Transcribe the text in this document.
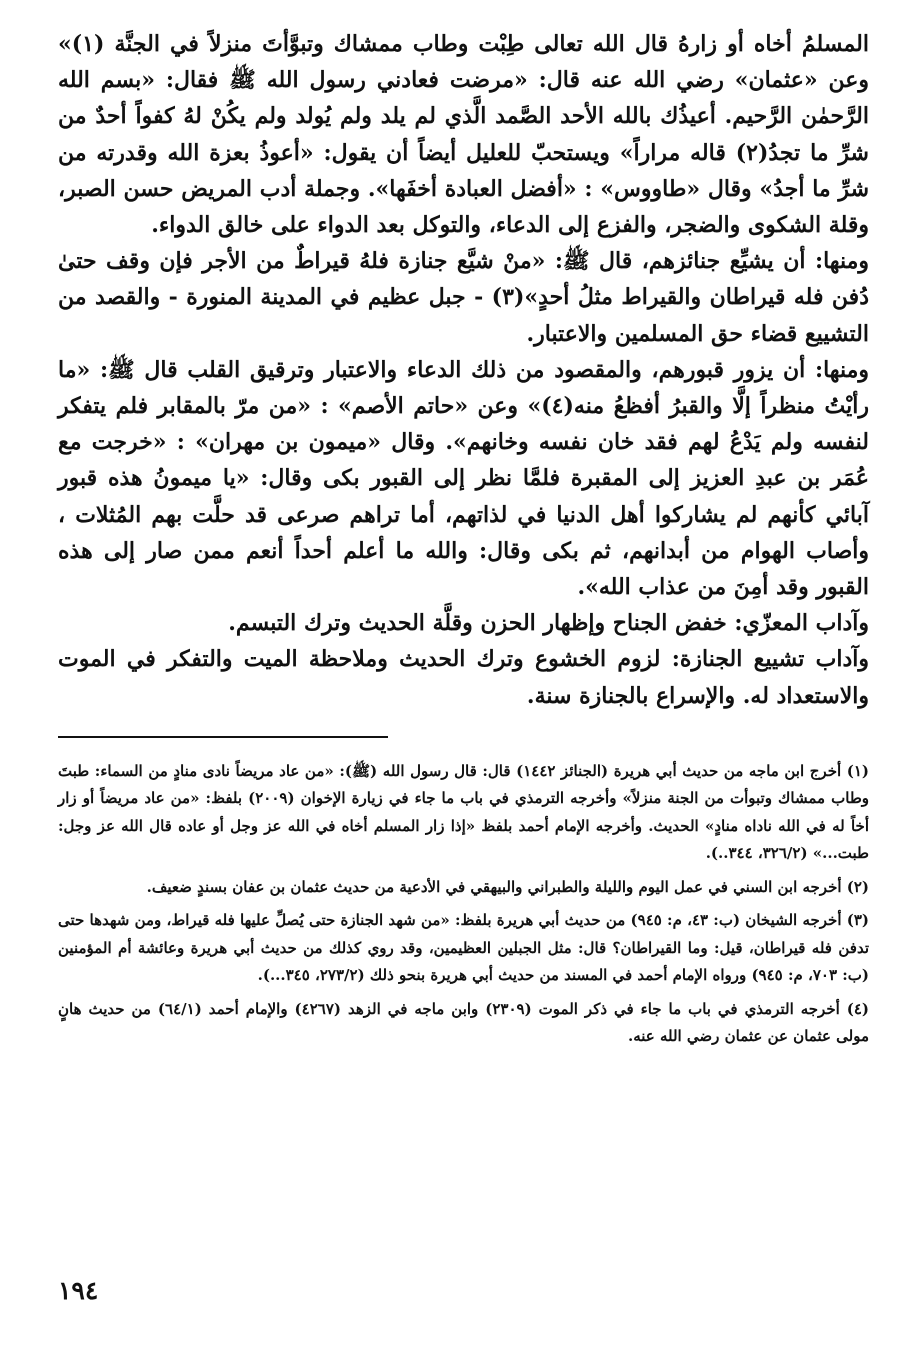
المسلمُ أخاه أو زارهُ قال الله تعالى طِبْت وطاب ممشاك وتبوَّأتَ منزلاً في الجنَّة (١)» وعن «عثمان» رضي الله عنه قال: «مرضت فعادني رسول الله ﷺ فقال: «بسم الله الرَّحمٰن الرَّحيم. أعيذُك بالله الأحد الصَّمد الَّذي لم يلد ولم يُولد ولم يكُنْ لهُ كفواً أحدٌ من شرِّ ما تجدُ(٢) قاله مراراً» ويستحبّ للعليل أيضاً أن يقول: «أعوذُ بعزة الله وقدرته من شرِّ ما أجدُ» وقال «طاووس» : «أفضل العبادة أخفَها». وجملة أدب المريض حسن الصبر، وقلة الشكوى والضجر، والفزع إلى الدعاء، والتوكل بعد الدواء على خالق الدواء.

ومنها: أن يشيِّع جنائزهم، قال ﷺ: «منْ شيَّع جنازة فلهُ قيراطٌ من الأجر فإن وقف حتىٰ دُفن فله قيراطان والقيراط مثلُ أحدٍ»(٣) - جبل عظيم في المدينة المنورة - والقصد من التشييع قضاء حق المسلمين والاعتبار.

ومنها: أن يزور قبورهم، والمقصود من ذلك الدعاء والاعتبار وترقيق القلب قال ﷺ: «ما رأيْتُ منظراً إلَّا والقبرُ أفظعُ منه(٤)» وعن «حاتم الأصم» : «من مرّ بالمقابر فلم يتفكر لنفسه ولم يَدْعُ لهم فقد خان نفسه وخانهم». وقال «ميمون بن مهران» : «خرجت مع عُمَر بن عبدِ العزيز إلى المقبرة فلمَّا نظر إلى القبور بكى وقال: «يا ميمونُ هذه قبور آبائي كأنهم لم يشاركوا أهل الدنيا في لذاتهم، أما تراهم صرعى قد حلَّت بهم المُثلات ، وأصاب الهوام من أبدانهم، ثم بكى وقال: والله ما أعلم أحداً أنعم ممن صار إلى هذه القبور وقد أمِنَ من عذاب الله».

وآداب المعزّي: خفض الجناح وإظهار الحزن وقلَّة الحديث وترك التبسم.

وآداب تشييع الجنازة: لزوم الخشوع وترك الحديث وملاحظة الميت والتفكر في الموت والاستعداد له. والإسراع بالجنازة سنة.

(١) أخرج ابن ماجه من حديث أبي هريرة (الجنائز ١٤٤٢) قال: قال رسول الله (ﷺ): «من عاد مريضاً نادى منادٍ من السماء: طبتَ وطاب ممشاك وتبوأت من الجنة منزلاً» وأخرجه الترمذي في باب ما جاء في زيارة الإخوان (٢٠٠٩) بلفظ: «من عاد مريضاً أو زار أخاً له في الله ناداه منادٍ» الحديث. وأخرجه الإمام أحمد بلفظ «إذا زار المسلم أخاه في الله عز وجل أو عاده قال الله عز وجل: طبت...» (٣٢٦/٢، ٣٤٤..).

(٢) أخرجه ابن السني في عمل اليوم والليلة والطبراني والبيهقي في الأدعية من حديث عثمان بن عفان بسندٍ ضعيف.

(٣) أخرجه الشيخان (ب: ٤٣، م: ٩٤٥) من حديث أبي هريرة بلفظ: «من شهد الجنازة حتى يُصلِّ عليها فله قيراط، ومن شهدها حتى تدفن فله قيراطان، قيل: وما القيراطان؟ قال: مثل الجبلين العظيمين، وقد روي كذلك من حديث أبي هريرة وعائشة أم المؤمنين (ب: ٧٠٣، م: ٩٤٥) ورواه الإمام أحمد في المسند من حديث أبي هريرة بنحو ذلك (٢٧٣/٢، ٣٤٥...).

(٤) أخرجه الترمذي في باب ما جاء في ذكر الموت (٢٣٠٩) وابن ماجه في الزهد (٤٢٦٧) والإمام أحمد (٦٤/١) من حديث هانٍ مولى عثمان عن عثمان رضي الله عنه.

١٩٤
